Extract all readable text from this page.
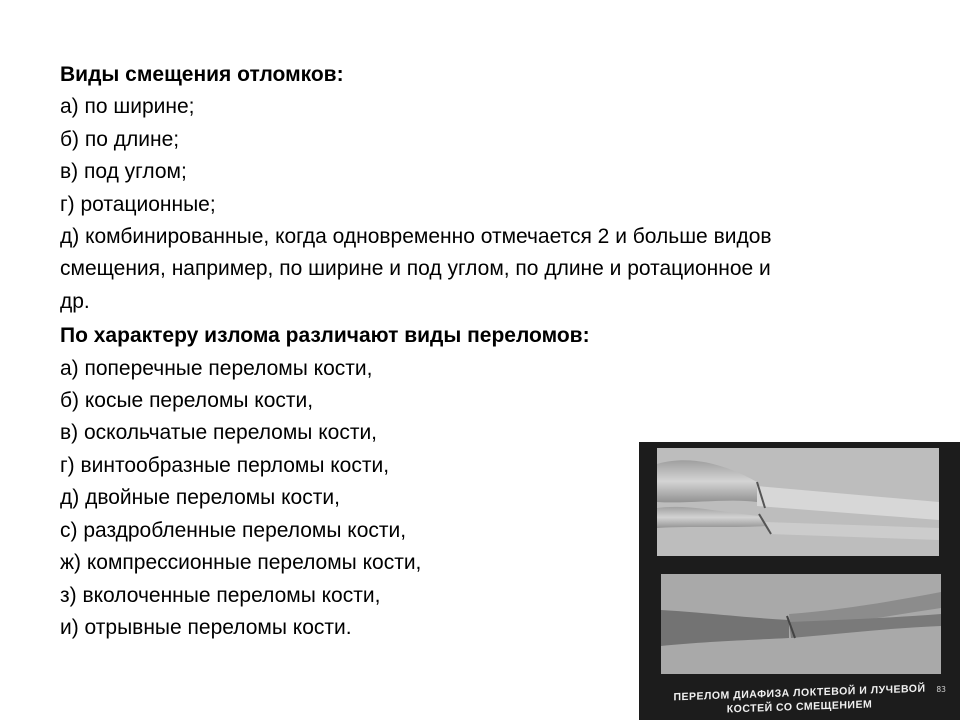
Виды смещения отломков:

а) по ширине;

б) по длине;

в) под углом;

г) ротационные;

д) комбинированные, когда одновременно отмечается 2 и больше видов

смещения, например, по ширине и под углом, по длине и ротационное и

др.

По характеру излома различают виды переломов:

а) поперечные переломы кости,

б) косые переломы кости,

в) оскольчатые переломы кости,

г) винтообразные перломы кости,

д) двойные переломы кости,

с) раздробленные переломы кости,

ж) компрессионные переломы кости,

з) вколоченные переломы кости,

и) отрывные переломы кости.

83
ПЕРЕЛОМ ДИАФИЗА ЛОКТЕВОЙ И ЛУЧЕВОЙ
КОСТЕЙ СО СМЕЩЕНИЕМ
